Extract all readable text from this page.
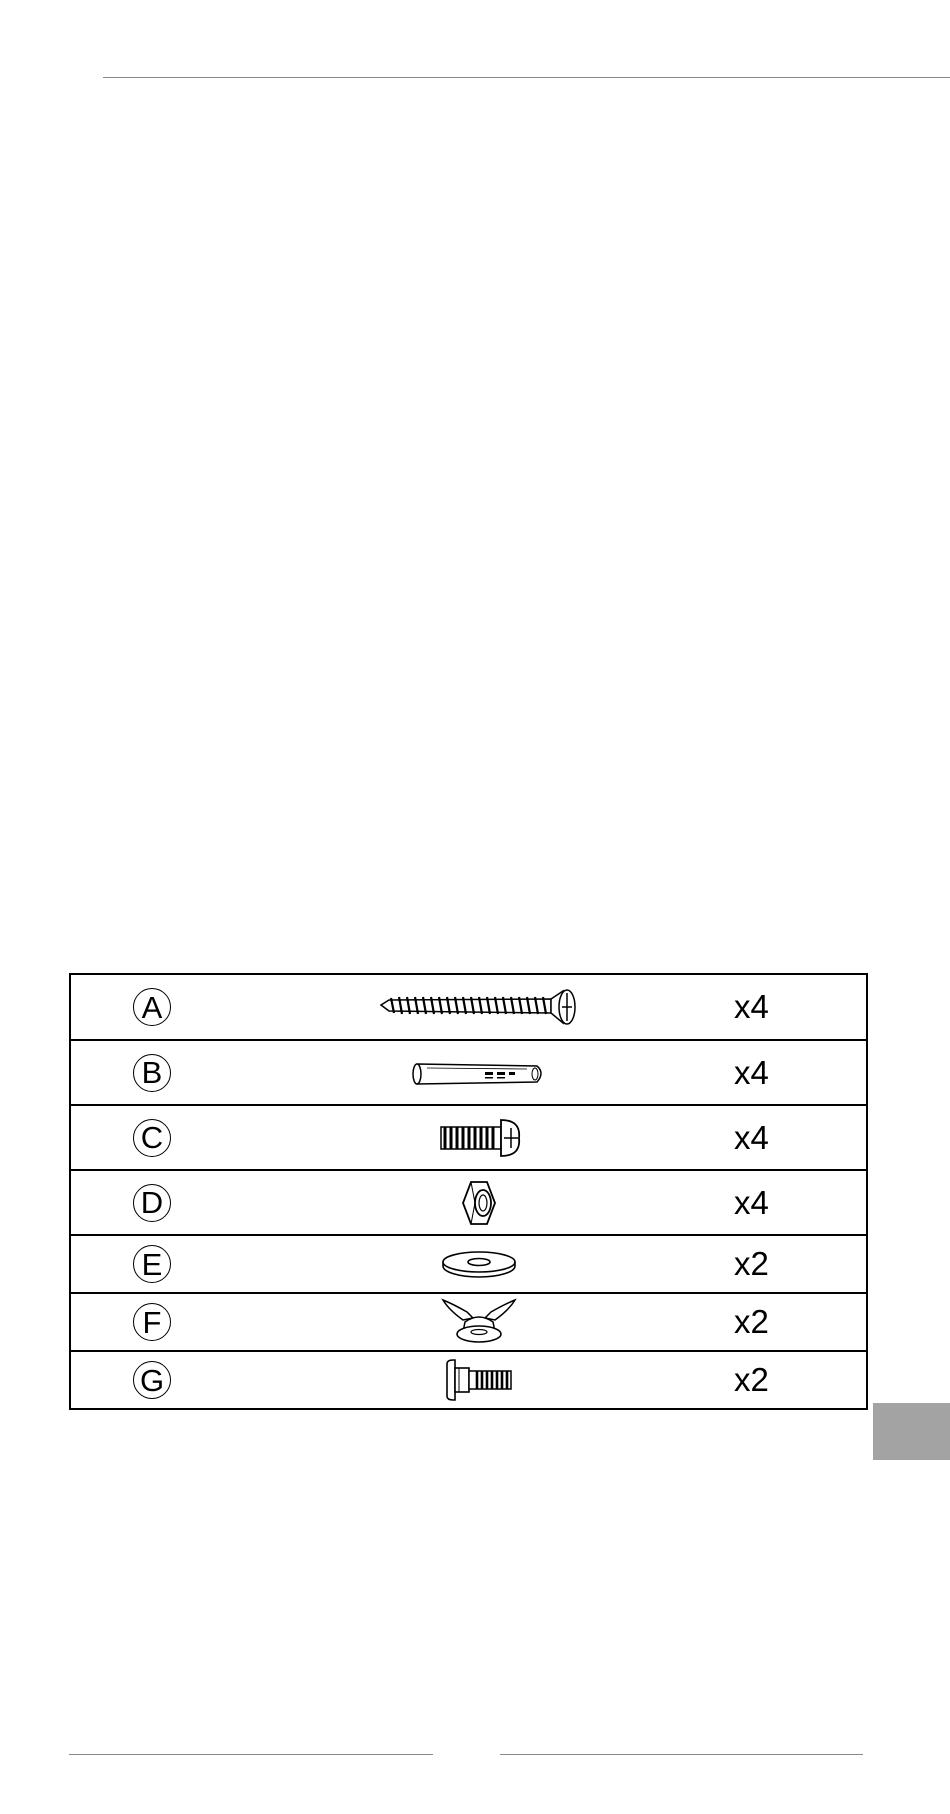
A		x4

B		x4

C		x4

D		x4

E		x2

F		x2

G		x2
